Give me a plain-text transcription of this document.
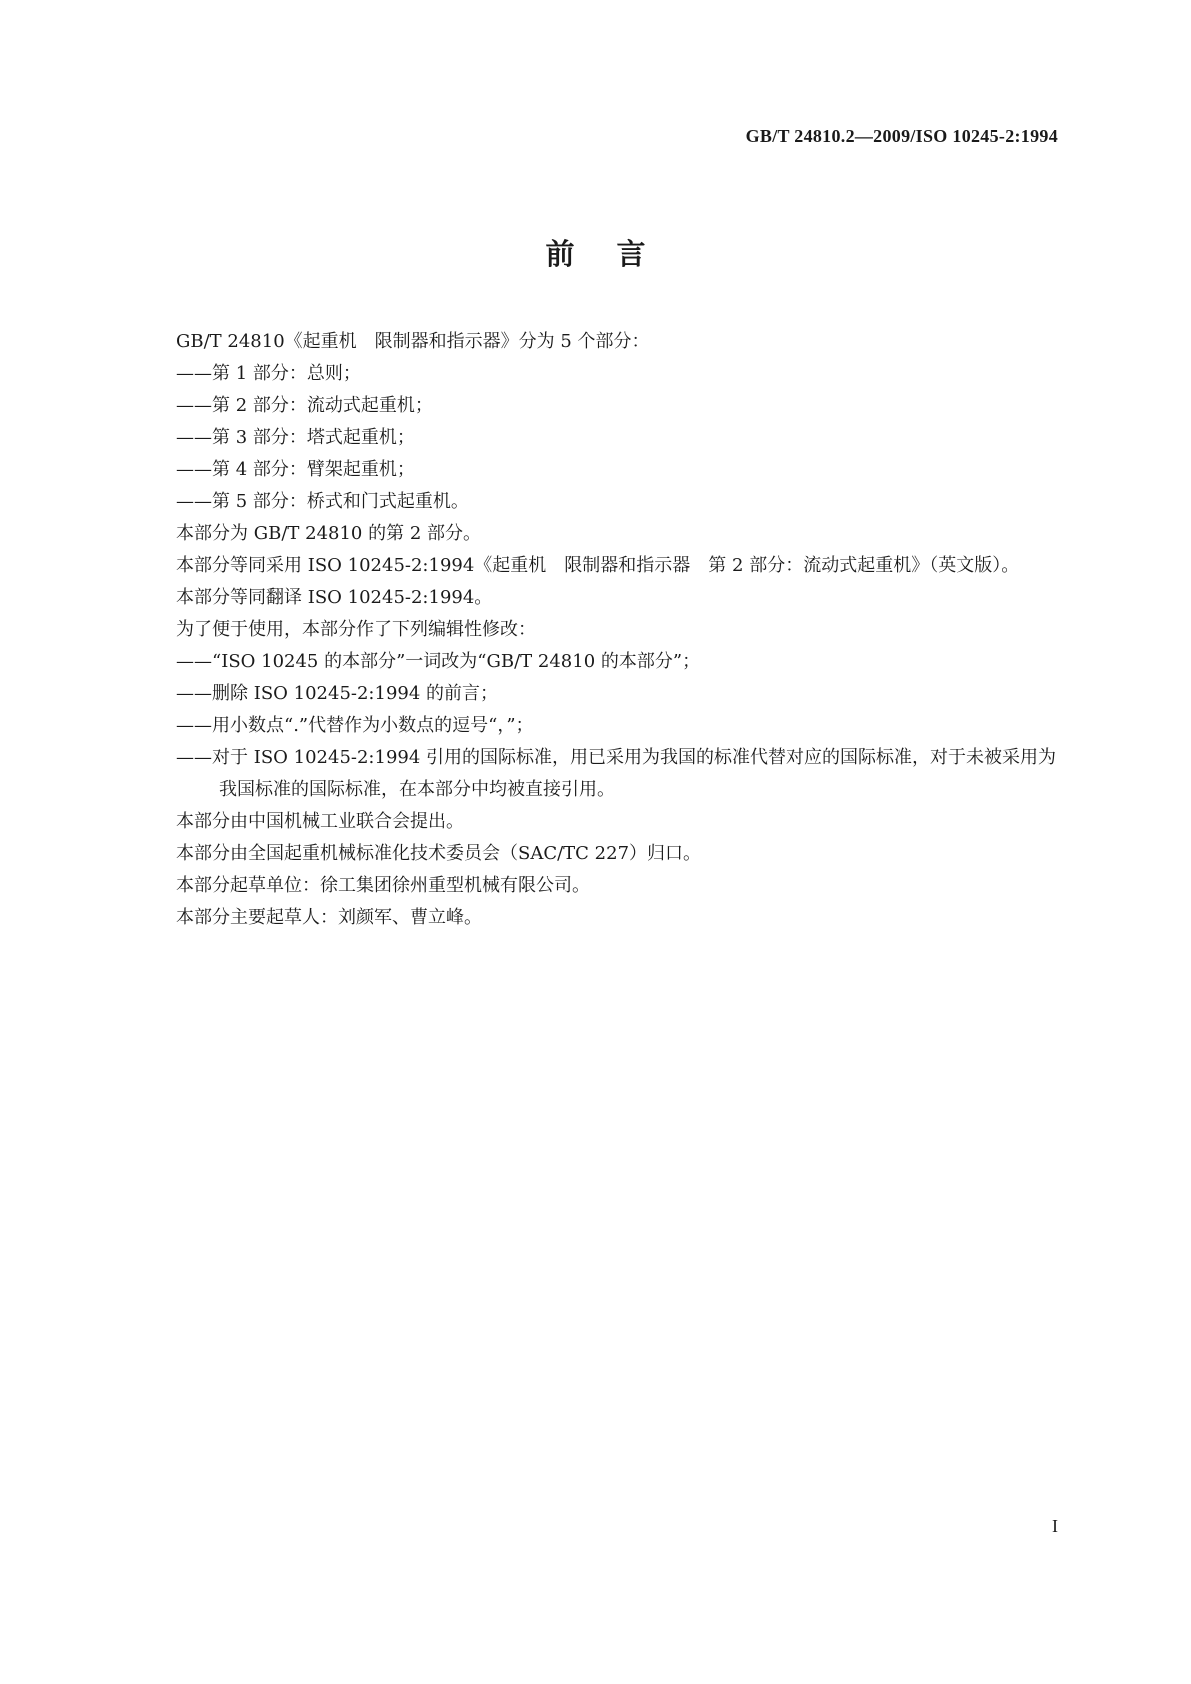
GB/T 24810.2—2009/ISO 10245-2:1994
前言

GB/T 24810《起重机　限制器和指示器》分为 5 个部分：

——第 1 部分：总则；

——第 2 部分：流动式起重机；

——第 3 部分：塔式起重机；

——第 4 部分：臂架起重机；

——第 5 部分：桥式和门式起重机。

本部分为 GB/T 24810 的第 2 部分。

本部分等同采用 ISO 10245-2:1994《起重机　限制器和指示器　第 2 部分：流动式起重机》（英文版）。

本部分等同翻译 ISO 10245-2:1994。

为了便于使用，本部分作了下列编辑性修改：

——“ISO 10245 的本部分”一词改为“GB/T 24810 的本部分”；

——删除 ISO 10245-2:1994 的前言；

——用小数点“.”代替作为小数点的逗号“，”；

——对于 ISO 10245-2:1994 引用的国际标准，用已采用为我国的标准代替对应的国际标准，对于未被采用为我国标准的国际标准，在本部分中均被直接引用。

本部分由中国机械工业联合会提出。

本部分由全国起重机械标准化技术委员会（SAC/TC 227）归口。

本部分起草单位：徐工集团徐州重型机械有限公司。

本部分主要起草人：刘颜军、曹立峰。

I
